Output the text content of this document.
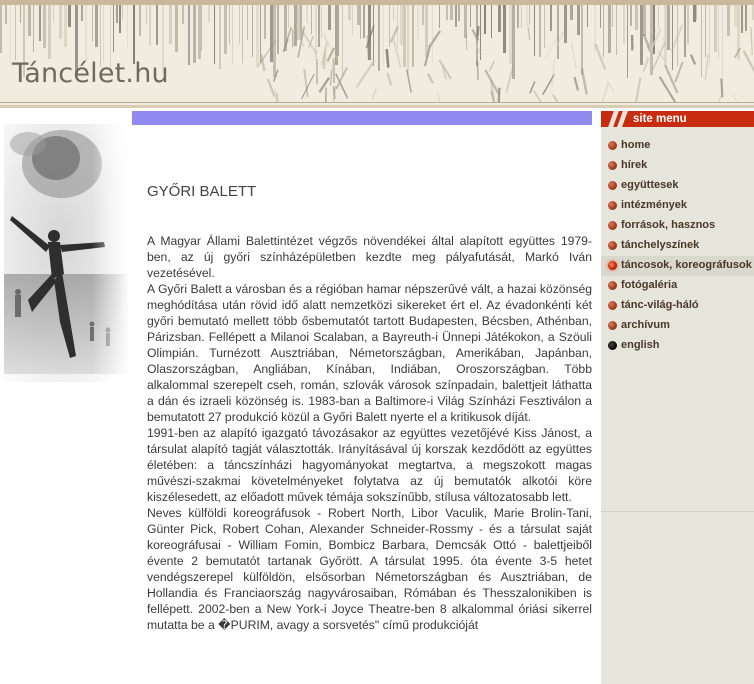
Táncélet.hu
GYŐRI BALETT

A Magyar Állami Balettintézet végzős növendékei által alapított együttes 1979-ben, az új győri színházépületben kezdte meg pályafutását, Markó Iván vezetésével.

A Győri Balett a városban és a régióban hamar népszerűvé vált, a hazai közönség meghódítása után rövid idő alatt nemzetközi sikereket ért el. Az évadonkénti két győri bemutató mellett több ősbemutatót tartott Budapesten, Bécsben, Athénban, Párizsban. Fellépett a Milanoi Scalaban, a Bayreuth-i Ünnepi Játékokon, a Szöuli Olimpián. Turnézott Ausztriában, Németországban, Amerikában, Japánban, Olaszországban, Angliában, Kínában, Indiában, Oroszországban. Több alkalommal szerepelt cseh, román, szlovák városok színpadain, balettjeit láthatta a dán és izraeli közönség is. 1983-ban a Baltimore-i Világ Színházi Fesztiválon a bemutatott 27 produkció közül a Győri Balett nyerte el a kritikusok díját.

1991-ben az alapító igazgató távozásakor az együttes vezetőjévé Kiss Jánost, a társulat alapító tagját választották. Irányításával új korszak kezdődött az együttes életében: a táncszínházi hagyományokat megtartva, a megszokott magas művészi-szakmai követelményeket folytatva az új bemutatók alkotói köre kiszélesedett, az előadott művek témája sokszínűbb, stílusa változatosabb lett.

Neves külföldi koreográfusok - Robert North, Libor Vaculik, Marie Brolin-Tani, Günter Pick, Robert Cohan, Alexander Schneider-Rossmy - és a társulat saját koreográfusai - William Fomin, Bombicz Barbara, Demcsák Ottó - balettjeiből évente 2 bemutatót tartanak Győrött. A társulat 1995. óta évente 3-5 hetet vendégszerepel külföldön, elsősorban Németországban és Ausztriában, de Hollandia és Franciaország nagyvárosaiban, Rómában és Thesszalonikiben is fellépett. 2002-ben a New York-i Joyce Theatre-ben 8 alkalommal óriási sikerrel mutatta be a �PURIM, avagy a sorsvetés" című produkcióját

site menu
home
hírek
együttesek
intézmények
források, hasznos
tánchelyszínek
táncosok, koreográfusok
fotógaléria
tánc-világ-háló
archívum
english
